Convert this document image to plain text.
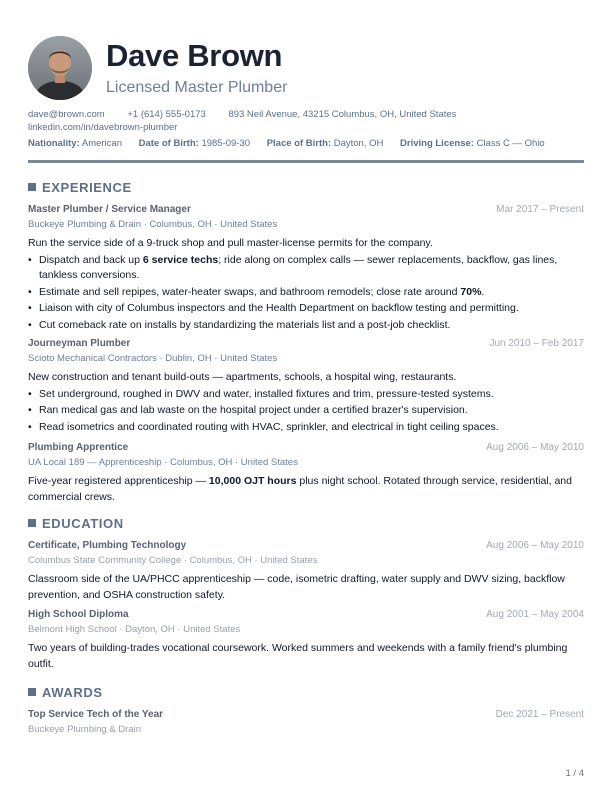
Dave Brown
Licensed Master Plumber
dave@brown.com +1 (614) 555-0173 893 Neil Avenue, 43215 Columbus, OH, United States
linkedin.com/in/davebrown-plumber
Nationality: American Date of Birth: 1985-09-30 Place of Birth: Dayton, OH Driving License: Class C — Ohio
EXPERIENCE
Master Plumber / Service Manager	Mar 2017 – Present
Buckeye Plumbing & Drain · Columbus, OH · United States
Run the service side of a 9-truck shop and pull master-license permits for the company.
• Dispatch and back up 6 service techs; ride along on complex calls — sewer replacements, backflow, gas lines, tankless conversions.
• Estimate and sell repipes, water-heater swaps, and bathroom remodels; close rate around 70%.
• Liaison with city of Columbus inspectors and the Health Department on backflow testing and permitting.
• Cut comeback rate on installs by standardizing the materials list and a post-job checklist.
Journeyman Plumber	Jun 2010 – Feb 2017
Scioto Mechanical Contractors · Dublin, OH · United States
New construction and tenant build-outs — apartments, schools, a hospital wing, restaurants.
• Set underground, roughed in DWV and water, installed fixtures and trim, pressure-tested systems.
• Ran medical gas and lab waste on the hospital project under a certified brazer's supervision.
• Read isometrics and coordinated routing with HVAC, sprinkler, and electrical in tight ceiling spaces.
Plumbing Apprentice	Aug 2006 – May 2010
UA Local 189 — Apprenticeship · Columbus, OH · United States
Five-year registered apprenticeship — 10,000 OJT hours plus night school. Rotated through service, residential, and commercial crews.
EDUCATION
Certificate, Plumbing Technology	Aug 2006 – May 2010
Columbus State Community College · Columbus, OH · United States
Classroom side of the UA/PHCC apprenticeship — code, isometric drafting, water supply and DWV sizing, backflow prevention, and OSHA construction safety.
High School Diploma	Aug 2001 – May 2004
Belmont High School · Dayton, OH · United States
Two years of building-trades vocational coursework. Worked summers and weekends with a family friend's plumbing outfit.
AWARDS
Top Service Tech of the Year	Dec 2021 – Present
Buckeye Plumbing & Drain
1 / 4
